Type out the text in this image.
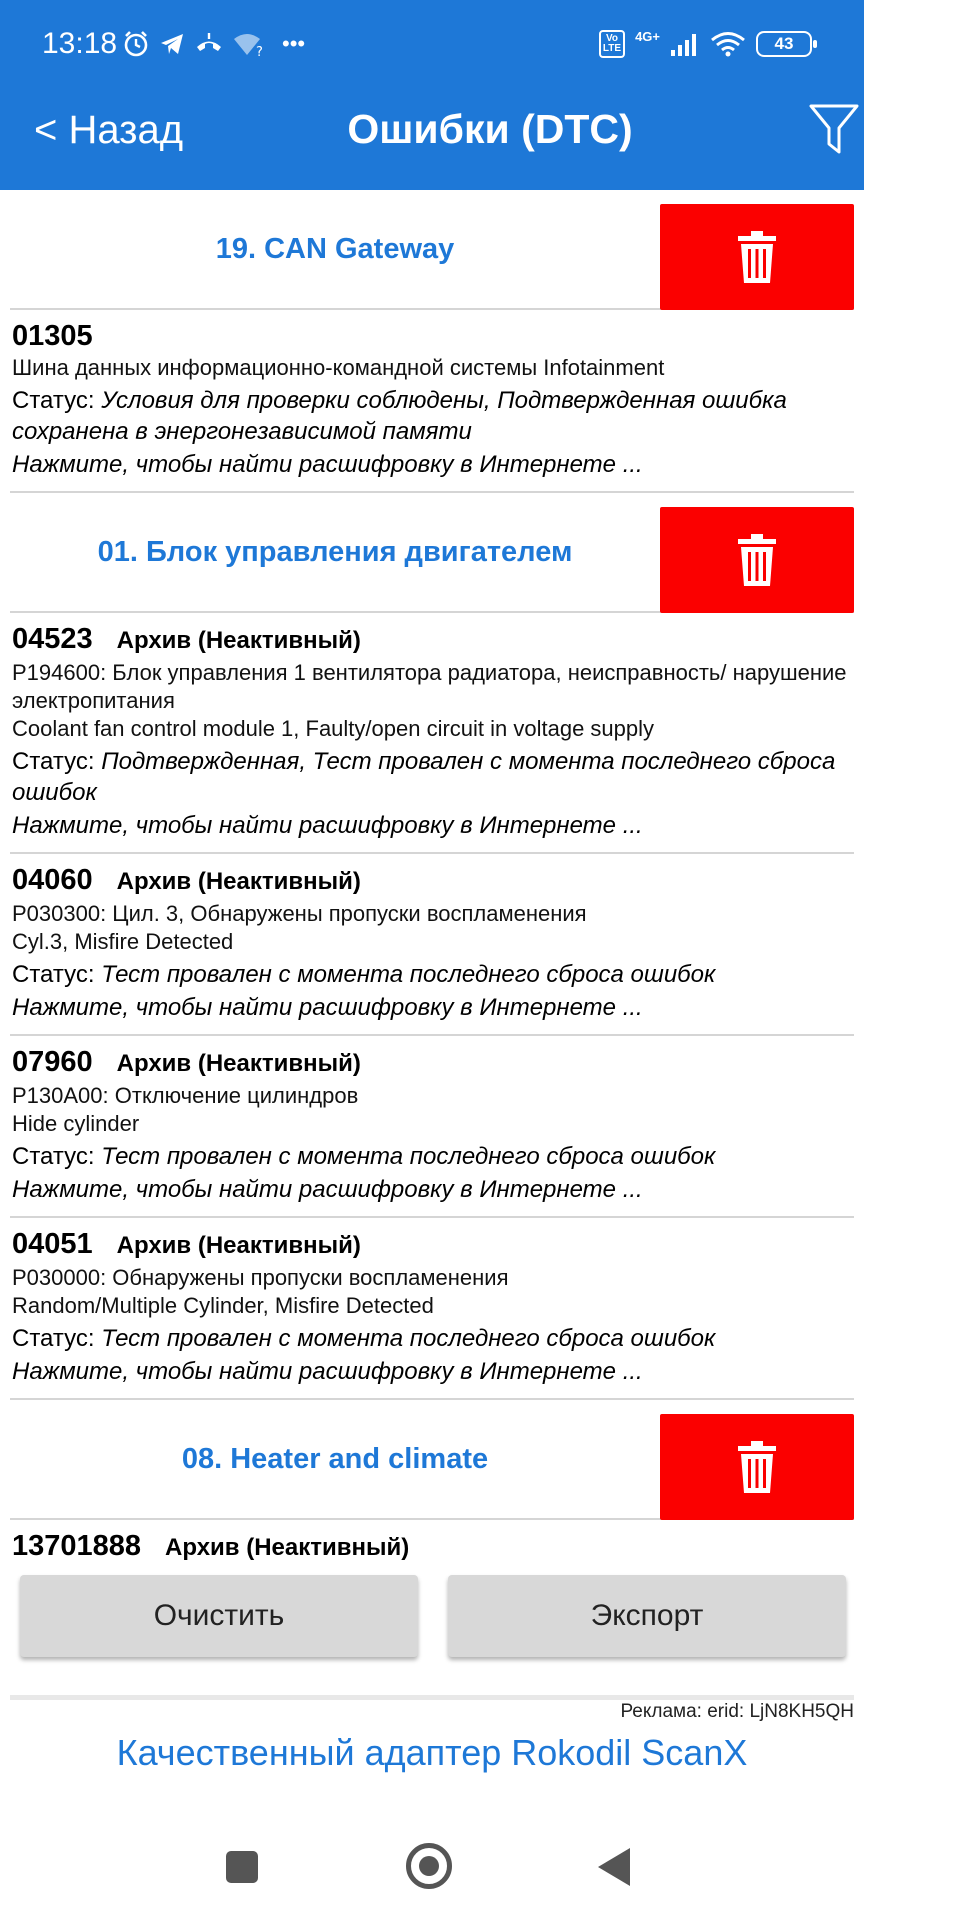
13:18	? •••	Vo
LTE
4G+	43
< Назад	Ошибки (DTC)
19. CAN Gateway
01305
Шина данных информационно-командной системы Infotainment
Статус: Условия для проверки соблюдены, Подтвержденная ошибка сохранена в энергонезависимой памяти
Нажмите, чтобы найти расшифровку в Интернете ...
01. Блок управления двигателем
04523 Архив (Неактивный)
P194600: Блок управления 1 вентилятора радиатора, неисправность/ нарушение электропитания
Coolant fan control module 1, Faulty/open circuit in voltage supply
Статус: Подтвержденная, Тест провален с момента последнего сброса ошибок
Нажмите, чтобы найти расшифровку в Интернете ...
04060 Архив (Неактивный)
P030300: Цил. 3, Обнаружены пропуски воспламенения
Cyl.3, Misfire Detected
Статус: Тест провален с момента последнего сброса ошибок
Нажмите, чтобы найти расшифровку в Интернете ...
07960 Архив (Неактивный)
P130A00: Отключение цилиндров
Hide cylinder
Статус: Тест провален с момента последнего сброса ошибок
Нажмите, чтобы найти расшифровку в Интернете ...
04051 Архив (Неактивный)
P030000: Обнаружены пропуски воспламенения
Random/Multiple Cylinder, Misfire Detected
Статус: Тест провален с момента последнего сброса ошибок
Нажмите, чтобы найти расшифровку в Интернете ...
08. Heater and climate
13701888 Архив (Неактивный)
Очистить	Экспорт
Реклама: erid: LjN8KH5QH
Качественный адаптер Rokodil ScanX
